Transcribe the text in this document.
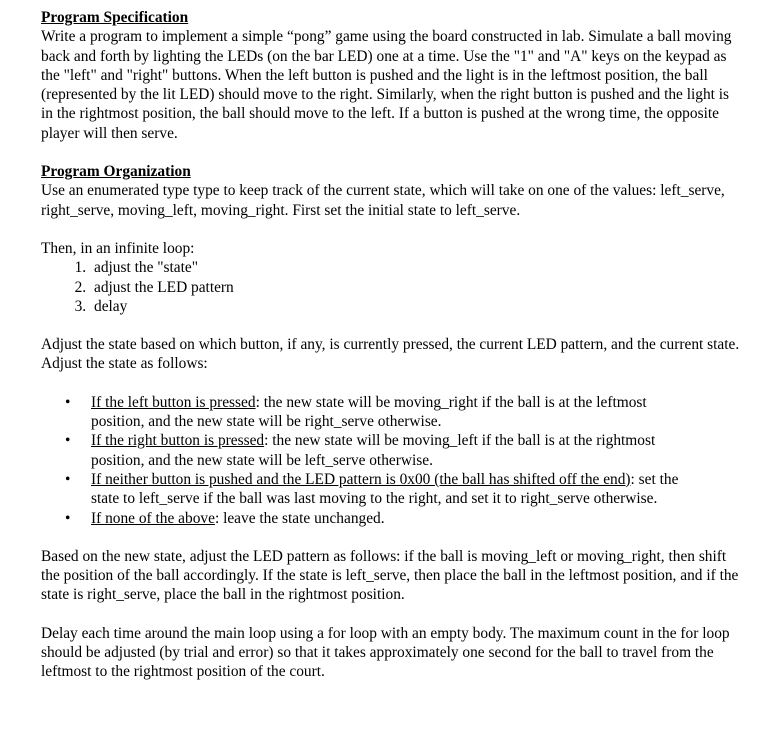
Program Specification

Write a program to implement a simple “pong” game using the board constructed in lab. Simulate a ball moving back and forth by lighting the LEDs (on the bar LED) one at a time. Use the "1" and "A" keys on the keypad as the "left" and "right" buttons. When the left button is pushed and the light is in the leftmost position, the ball (represented by the lit LED) should move to the right. Similarly, when the right button is pushed and the light is in the rightmost position, the ball should move to the left. If a button is pushed at the wrong time, the opposite player will then serve.

Program Organization

Use an enumerated type type to keep track of the current state, which will take on one of the values: left_serve, right_serve, moving_left, moving_right. First set the initial state to left_serve.

Then, in an infinite loop:

1. adjust the "state"
2. adjust the LED pattern
3. delay

Adjust the state based on which button, if any, is currently pressed, the current LED pattern, and the current state. Adjust the state as follows:

• If the left button is pressed: the new state will be moving_right if the ball is at the leftmost position, and the new state will be right_serve otherwise.
• If the right button is pressed: the new state will be moving_left if the ball is at the rightmost position, and the new state will be left_serve otherwise.
• If neither button is pushed and the LED pattern is 0x00 (the ball has shifted off the end): set the state to left_serve if the ball was last moving to the right, and set it to right_serve otherwise.
• If none of the above: leave the state unchanged.

Based on the new state, adjust the LED pattern as follows: if the ball is moving_left or moving_right, then shift the position of the ball accordingly. If the state is left_serve, then place the ball in the leftmost position, and if the state is right_serve, place the ball in the rightmost position.

Delay each time around the main loop using a for loop with an empty body. The maximum count in the for loop should be adjusted (by trial and error) so that it takes approximately one second for the ball to travel from the leftmost to the rightmost position of the court.
